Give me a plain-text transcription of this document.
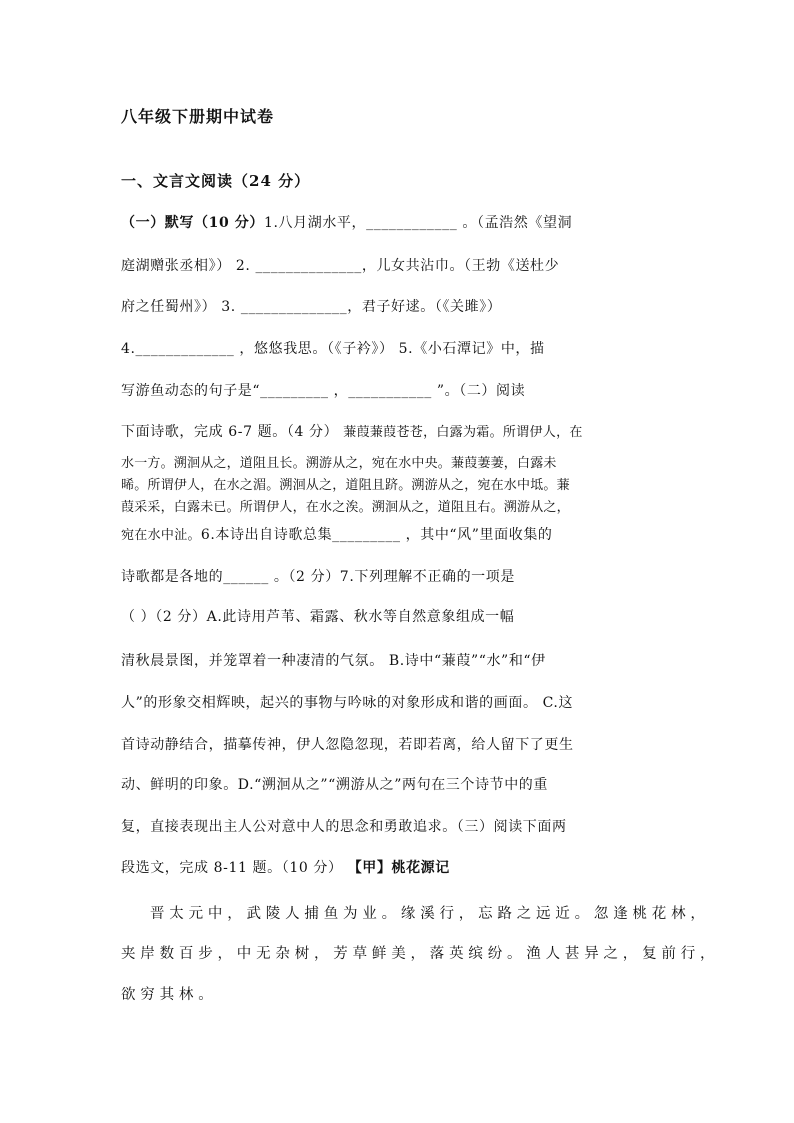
八年级下册期中试卷
一、文言文阅读（24 分）
（一）默写（10 分）1.八月湖水平，____________ 。（孟浩然《望洞
庭湖赠张丞相》） 2. ______________，儿女共沾巾。（王勃《送杜少
府之任蜀州》） 3. ______________，君子好逑。（《关雎》）
4._____________ ，悠悠我思。（《子衿》） 5.《小石潭记》中，描
写游鱼动态的句子是“_________ ，___________ ”。（二）阅读
下面诗歌，完成 6-7 题。（4 分） 蒹葭蒹葭苍苍，白露为霜。所谓伊人，在
水一方。溯洄从之，道阻且长。溯游从之，宛在水中央。蒹葭萋萋，白露未
晞。所谓伊人，在水之湄。溯洄从之，道阻且跻。溯游从之，宛在水中坻。蒹
葭采采，白露未已。所谓伊人，在水之涘。溯洄从之，道阻且右。溯游从之，
宛在水中沚。6.本诗出自诗歌总集_________ ，其中“风”里面收集的
诗歌都是各地的______ 。（2 分）7.下列理解不正确的一项是
（ ）（2 分）A.此诗用芦苇、霜露、秋水等自然意象组成一幅
清秋晨景图，并笼罩着一种凄清的气氛。 B.诗中“蒹葭”“水”和“伊
人”的形象交相辉映，起兴的事物与吟咏的对象形成和谐的画面。 C.这
首诗动静结合，描摹传神，伊人忽隐忽现，若即若离，给人留下了更生
动、鲜明的印象。D.“溯洄从之”“溯游从之”两句在三个诗节中的重
复，直接表现出主人公对意中人的思念和勇敢追求。（三）阅读下面两
段选文，完成 8-11 题。（10 分） 【甲】桃花源记
晋太元中，武陵人捕鱼为业。缘溪行，忘路之远近。忽逢桃花林，
夹岸数百步，中无杂树，芳草鲜美，落英缤纷。渔人甚异之，复前行，
欲穷其林。
